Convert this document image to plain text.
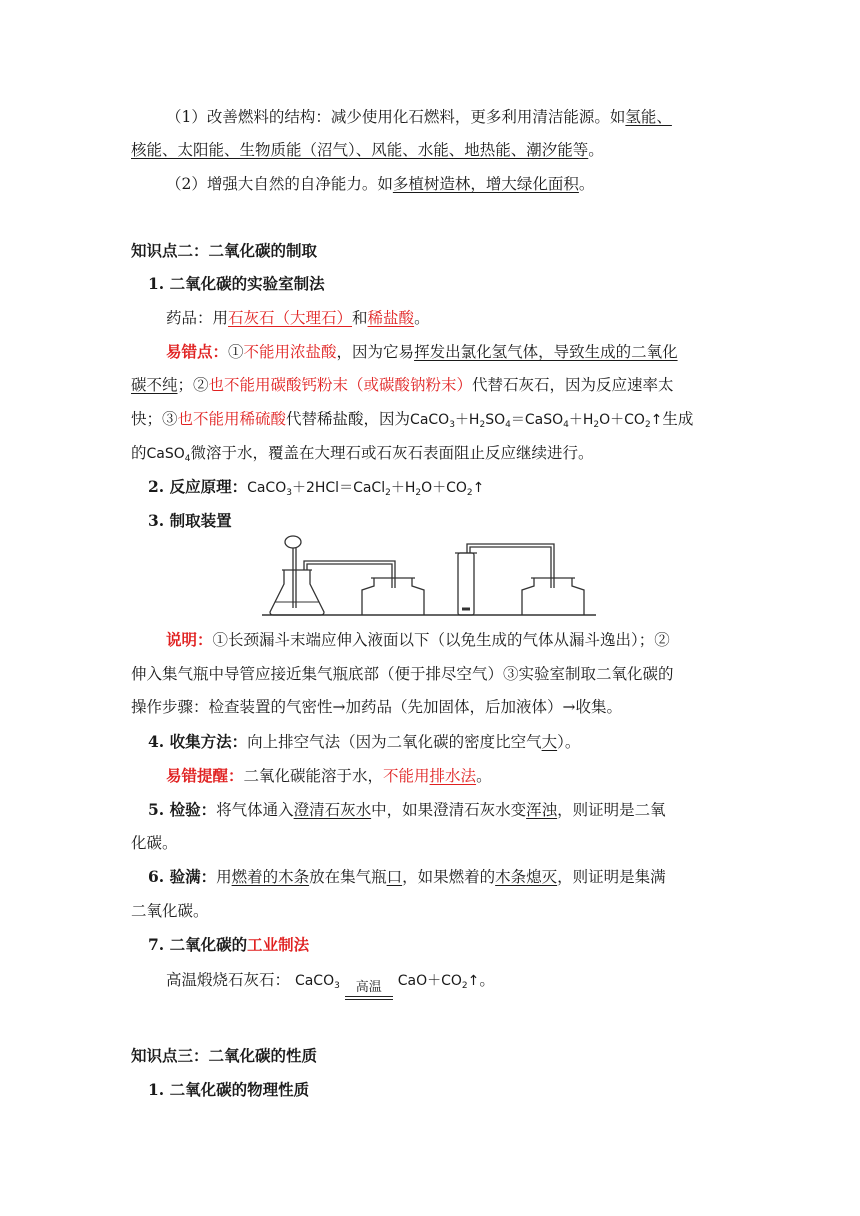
（1）改善燃料的结构：减少使用化石燃料，更多利用清洁能源。如氢能、
核能、太阳能、生物质能（沼气）、风能、水能、地热能、潮汐能等。
（2）增强大自然的自净能力。如多植树造林，增大绿化面积。
知识点二：二氧化碳的制取
1. 二氧化碳的实验室制法
药品：用石灰石（大理石）和稀盐酸。
易错点：①不能用浓盐酸，因为它易挥发出氯化氢气体，导致生成的二氧化
碳不纯；②也不能用碳酸钙粉末（或碳酸钠粉末）代替石灰石，因为反应速率太
快；③也不能用稀硫酸代替稀盐酸，因为$CaCO_3+H_2SO_4=CaSO_4+H_2O+CO_2↑$生成
的CaSO$_4$微溶于水，覆盖在大理石或石灰石表面阻止反应继续进行。
2. 反应原理：$CaCO_3+2HCl=CaCl_2+H_2O+CO_2↑$
3. 制取装置
说明：①长颈漏斗末端应伸入液面以下（以免生成的气体从漏斗逸出）；②
伸入集气瓶中导管应接近集气瓶底部（便于排尽空气）③实验室制取二氧化碳的
操作步骤：检查装置的气密性→加药品（先加固体，后加液体）→收集。
4. 收集方法：向上排空气法（因为二氧化碳的密度比空气大）。
易错提醒：二氧化碳能溶于水，不能用排水法。
5. 检验：将气体通入澄清石灰水中，如果澄清石灰水变浑浊，则证明是二氧
化碳。
6. 验满：用燃着的木条放在集气瓶口，如果燃着的木条熄灭，则证明是集满
二氧化碳。
7. 二氧化碳的工业制法
高温煅烧石灰石： CaCO$_3$	高温	$CaO+CO_2↑$。
知识点三：二氧化碳的性质
1. 二氧化碳的物理性质
